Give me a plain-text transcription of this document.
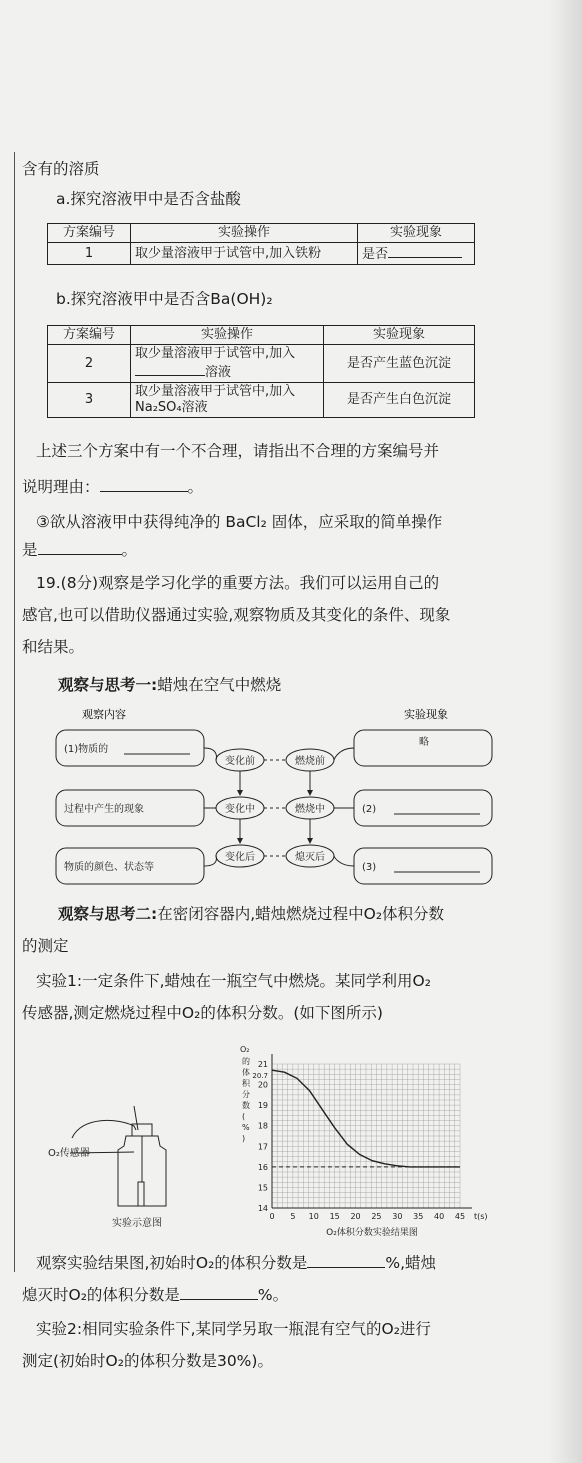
含有的溶质
a.探究溶液甲中是否含盐酸
方案编号	实验操作	实验现象
1	取少量溶液甲于试管中,加入铁粉	是否
b.探究溶液甲中是否含Ba(OH)₂
方案编号	实验操作	实验现象
2	取少量溶液甲于试管中,加入
溶液	是否产生蓝色沉淀
3	取少量溶液甲于试管中,加入
Na₂SO₄溶液	是否产生白色沉淀
上述三个方案中有一个不合理，请指出不合理的方案编号并
说明理由：	。
③欲从溶液甲中获得纯净的 BaCl₂ 固体，应采取的简单操作
是	。
19.(8分)观察是学习化学的重要方法。我们可以运用自己的
感官,也可以借助仪器通过实验,观察物质及其变化的条件、现象
和结果。
观察与思考一:蜡烛在空气中燃烧
观察内容	实验现象
(1)物质的
过程中产生的现象
物质的颜色、状态等
变化前
变化中
变化后
燃烧前
燃烧中
熄灭后
略
(2)
(3)
观察与思考二:在密闭容器内,蜡烛燃烧过程中O₂体积分数
的测定
实验1:一定条件下,蜡烛在一瓶空气中燃烧。某同学利用O₂
传感器,测定燃烧过程中O₂的体积分数。(如下图所示)
O₂传感器
实验示意图
0 5 10 15 20 25 30 35 40 45
14
15
16
17
18
19
20
21
20.7
O₂
的
体
积
分
数
(
%
)
t(s)
O₂体积分数实验结果图
观察实验结果图,初始时O₂的体积分数是	%,蜡烛
熄灭时O₂的体积分数是	%。
实验2:相同实验条件下,某同学另取一瓶混有空气的O₂进行
测定(初始时O₂的体积分数是30%)。
